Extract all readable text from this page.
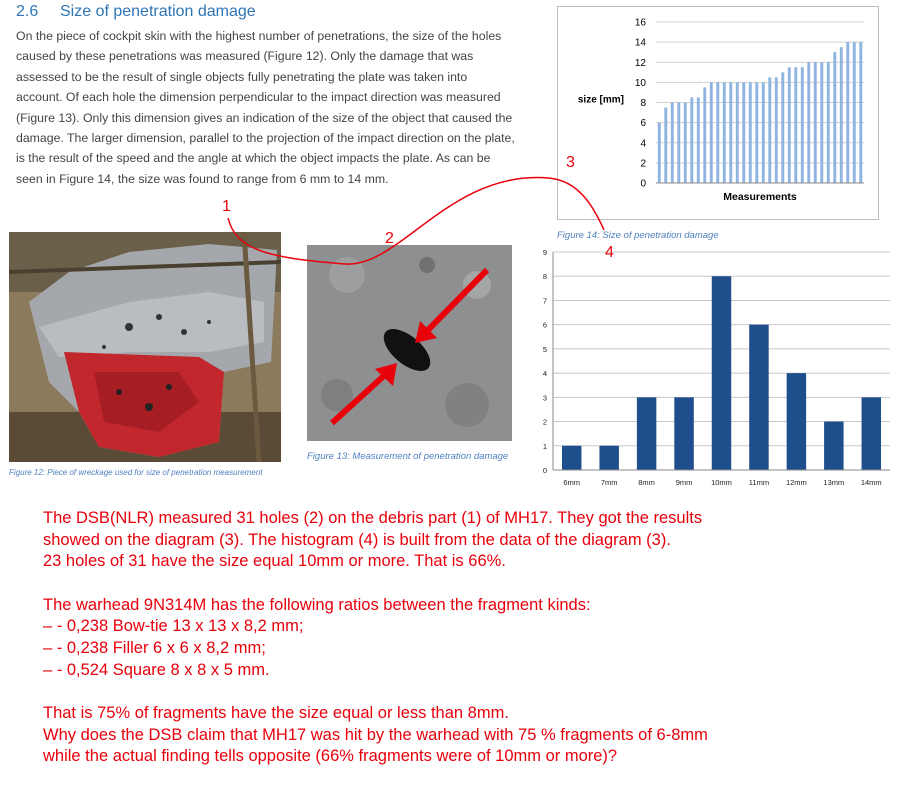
2.6 Size of penetration damage
On the piece of cockpit skin with the highest number of penetrations, the size of the holes caused by these penetrations was measured (Figure 12). Only the damage that was assessed to be the result of single objects fully penetrating the plate was taken into account. Of each hole the dimension perpendicular to the impact direction was measured (Figure 13). Only this dimension gives an indication of the size of the object that caused the damage. The larger dimension, parallel to the projection of the impact direction on the plate, is the result of the speed and the angle at which the object impacts the plate. As can be seen in Figure 14, the size was found to range from 6 mm to 14 mm.	0
2
4
6
8
10
12
14
16
Measurements
size [mm]
Figure 14: Size of penetration damage
Figure 12: Piece of wreckage used for size of penetration measurement
Figure 13: Measurement of penetration damage
0
1
2
3
4
5
6
7
8
9
6mm	7mm	8mm	9mm 10mm 11mm 12mm 13mm 14mm
1
2
3
4
The DSB(NLR) measured 31 holes (2) on the debris part (1) of MH17. They got the results
showed on the diagram (3). The histogram (4) is built from the data of the diagram (3).
23 holes of 31 have the size equal 10mm or more. That is 66%.
The warhead 9N314M has the following ratios between the fragment kinds:
– - 0,238 Bow-tie 13 x 13 x 8,2 mm;
– - 0,238 Filler 6 x 6 x 8,2 mm;
– - 0,524 Square 8 x 8 x 5 mm.
That is 75% of fragments have the size equal or less than 8mm.
Why does the DSB claim that MH17 was hit by the warhead with 75 % fragments of 6-8mm
while the actual finding tells opposite (66% fragments were of 10mm or more)?
